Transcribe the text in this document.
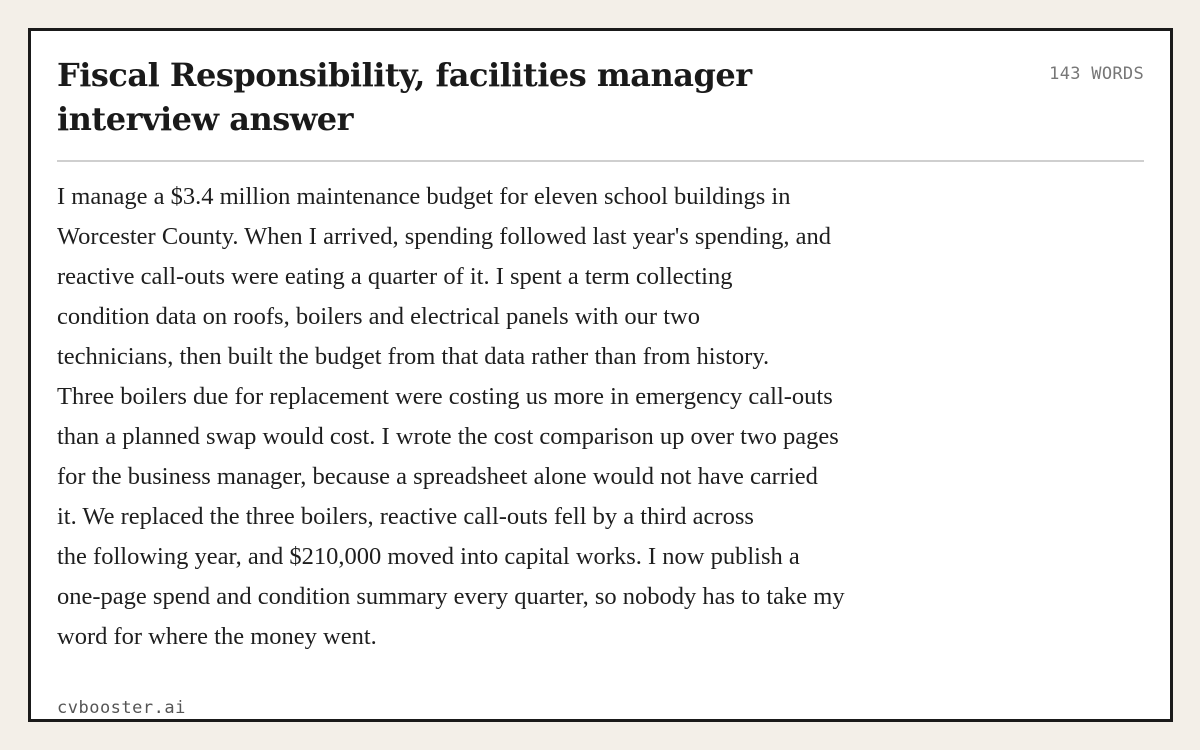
Fiscal Responsibility, facilities manager interview answer
143 WORDS
I manage a $3.4 million maintenance budget for eleven school buildings in
Worcester County. When I arrived, spending followed last year's spending, and
reactive call-outs were eating a quarter of it. I spent a term collecting
condition data on roofs, boilers and electrical panels with our two
technicians, then built the budget from that data rather than from history.
Three boilers due for replacement were costing us more in emergency call-outs
than a planned swap would cost. I wrote the cost comparison up over two pages
for the business manager, because a spreadsheet alone would not have carried
it. We replaced the three boilers, reactive call-outs fell by a third across
the following year, and $210,000 moved into capital works. I now publish a
one-page spend and condition summary every quarter, so nobody has to take my
word for where the money went.
cvbooster.ai
